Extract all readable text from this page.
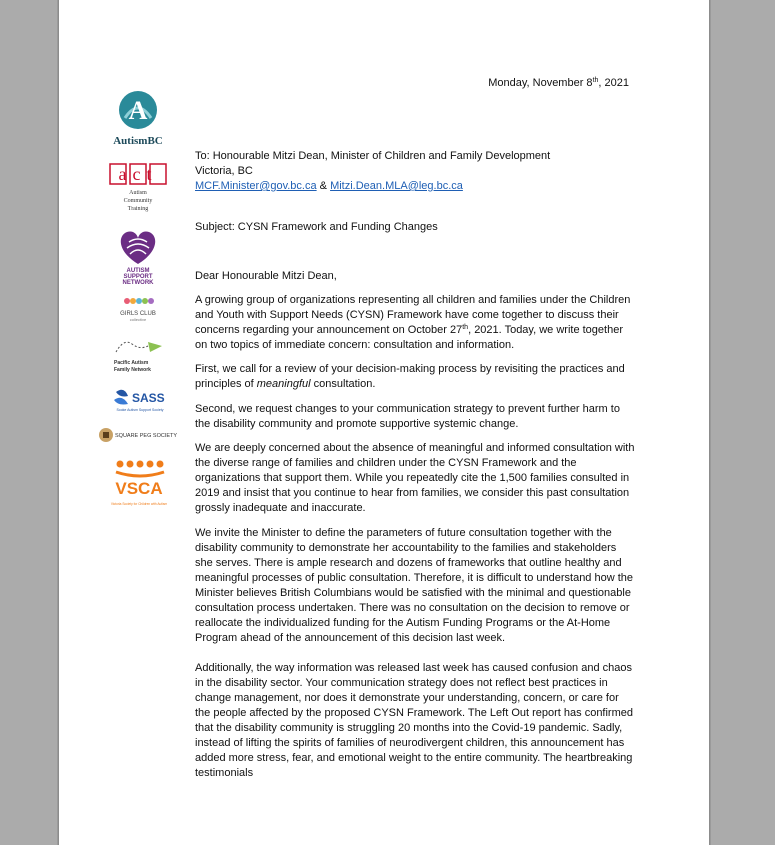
A
AutismBC
act
Autism
Community
Training
AUTISM
SUPPORT
NETWORK
GIRLS CLUB
collective
Pacific Autism
Family Network
SASS
Sooke Autism Support Society
SQUARE PEG SOCIETY
VSCA
Victoria Society for Children with Autism
Monday, November 8th, 2021
To: Honourable Mitzi Dean, Minister of Children and Family Development
Victoria, BC
MCF.Minister@gov.bc.ca & Mitzi.Dean.MLA@leg.bc.ca
Subject: CYSN Framework and Funding Changes
Dear Honourable Mitzi Dean,
A growing group of organizations representing all children and families under the Children and Youth with Support Needs (CYSN) Framework have come together to discuss their concerns regarding your announcement on October 27th, 2021. Today, we write together on two topics of immediate concern: consultation and information.
First, we call for a review of your decision-making process by revisiting the practices and principles of meaningful consultation.
Second, we request changes to your communication strategy to prevent further harm to the disability community and promote supportive systemic change.
We are deeply concerned about the absence of meaningful and informed consultation with the diverse range of families and children under the CYSN Framework and the organizations that support them. While you repeatedly cite the 1,500 families consulted in 2019 and insist that you continue to hear from families, we consider this past consultation grossly inadequate and inaccurate.
We invite the Minister to define the parameters of future consultation together with the disability community to demonstrate her accountability to the families and stakeholders she serves. There is ample research and dozens of frameworks that outline healthy and meaningful processes of public consultation. Therefore, it is difficult to understand how the Minister believes British Columbians would be satisfied with the minimal and questionable consultation process undertaken. There was no consultation on the decision to remove or reallocate the individualized funding for the Autism Funding Programs or the At-Home Program ahead of the announcement of this decision last week.
Additionally, the way information was released last week has caused confusion and chaos in the disability sector. Your communication strategy does not reflect best practices in change management, nor does it demonstrate your understanding, concern, or care for the people affected by the proposed CYSN Framework. The Left Out report has confirmed that the disability community is struggling 20 months into the Covid-19 pandemic. Sadly, instead of lifting the spirits of families of neurodivergent children, this announcement has added more stress, fear, and emotional weight to the entire community. The heartbreaking testimonials
